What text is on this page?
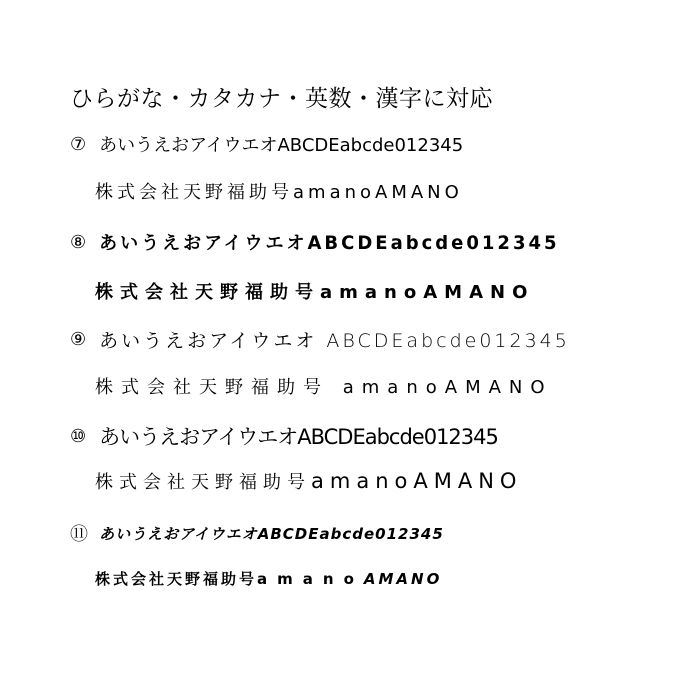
ひらがな・カタカナ・英数・漢字に対応
⑦ あいうえおアイウエオABCDEabcde012345
株式会社天野福助号amanoAMANO
⑧ あいうえおアイウエオABCDEabcde012345
株式会社天野福助号amanoAMANO
⑨ あいうえおアイウエオ ABCDEabcde012345
株式会社天野福助号 amanoAMANO
⑩ あいうえおアイウエオABCDEabcde012345
株式会社天野福助号amanoAMANO
⑪ あいうえおアイウエオABCDEabcde012345
株式会社天野福助号amanoAMANO
